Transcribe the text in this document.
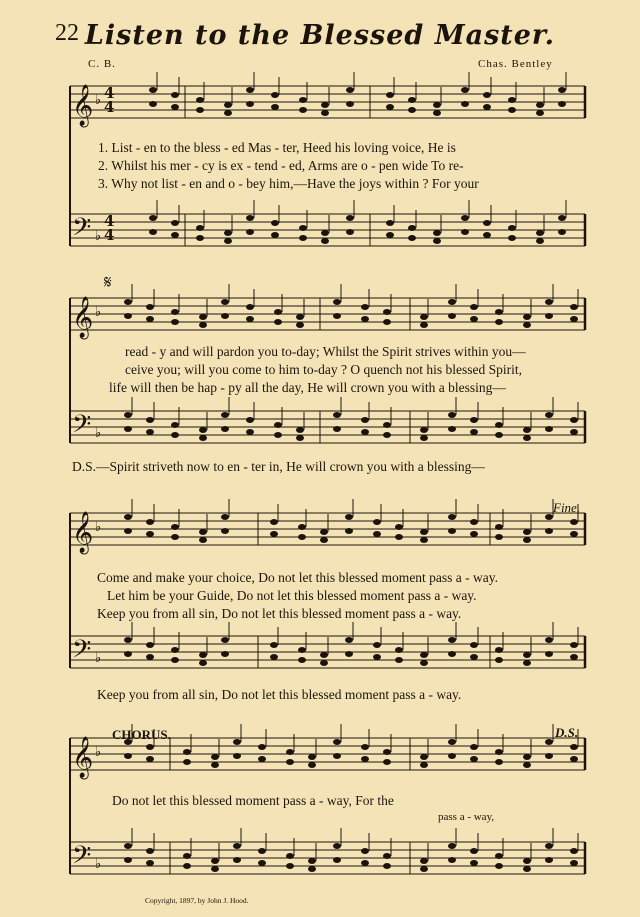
22 Listen to the Blessed Master.
C. B.	Chas. Bentley
𝄞 ♭
𝄢 ♭
𝄞 ♭
𝄢 ♭
𝄞 ♭
𝄢 ♭
𝄞 ♭
𝄢 ♭
4
4
4
4
1. List - en to the bless - ed Mas - ter, Heed his loving voice, He is
2. Whilst his mer - cy is ex - tend - ed, Arms are o - pen wide To re-
3. Why not list - en and o - bey him,—Have the joys within ? For your
𝄋
read - y and will pardon you to-day; Whilst the Spirit strives within you—
ceive you; will you come to him to-day ? O quench not his blessed Spirit,
life will then be hap - py all the day, He will crown you with a blessing—
D.S.—Spirit striveth now to en - ter in, He will crown you with a blessing—
Fine.
Come and make your choice, Do not let this blessed moment pass a - way.
Let him be your Guide, Do not let this blessed moment pass a - way.
Keep you from all sin, Do not let this blessed moment pass a - way.
Keep you from all sin, Do not let this blessed moment pass a - way.
CHORUS.	D.S.
Do not let this blessed moment pass a - way, For the
pass a - way,
Copyright, 1897, by John J. Hood.
